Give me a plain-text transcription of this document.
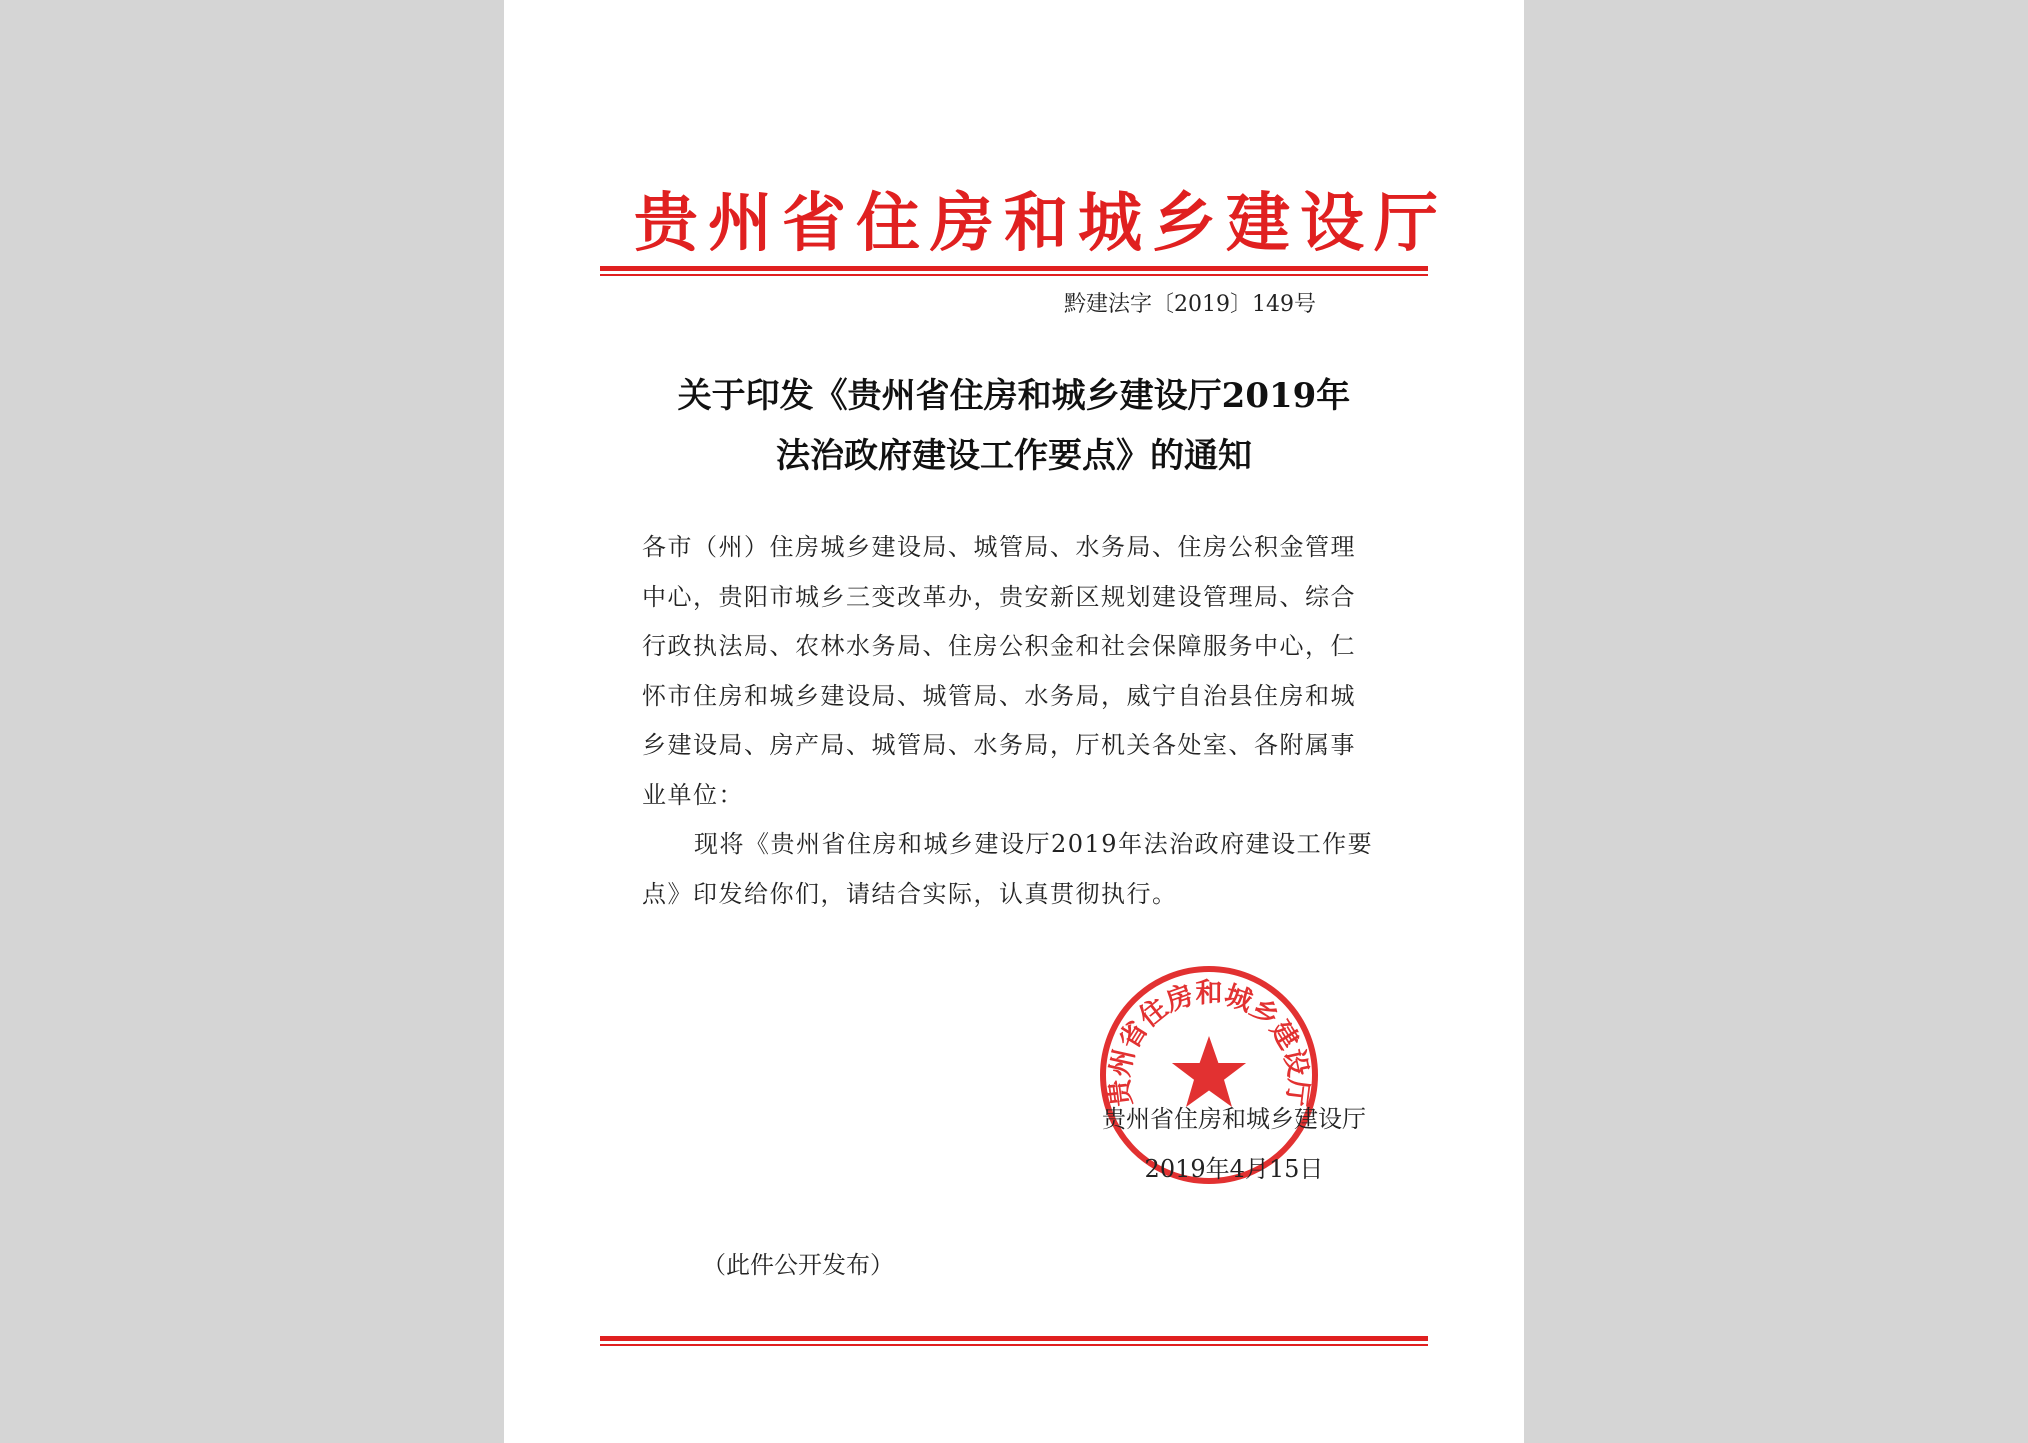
贵州省住房和城乡建设厅
黔建法字〔2019〕149号
关于印发《贵州省住房和城乡建设厅2019年
法治政府建设工作要点》的通知
各市（州）住房城乡建设局、城管局、水务局、住房公积金管理
中心，贵阳市城乡三变改革办，贵安新区规划建设管理局、综合
行政执法局、农林水务局、住房公积金和社会保障服务中心，仁
怀市住房和城乡建设局、城管局、水务局，威宁自治县住房和城
乡建设局、房产局、城管局、水务局，厅机关各处室、各附属事
业单位：
现将《贵州省住房和城乡建设厅2019年法治政府建设工作要
点》印发给你们，请结合实际，认真贯彻执行。
贵州省住房和城乡建设厅
贵州省住房和城乡建设厅
2019年4月15日
（此件公开发布）
